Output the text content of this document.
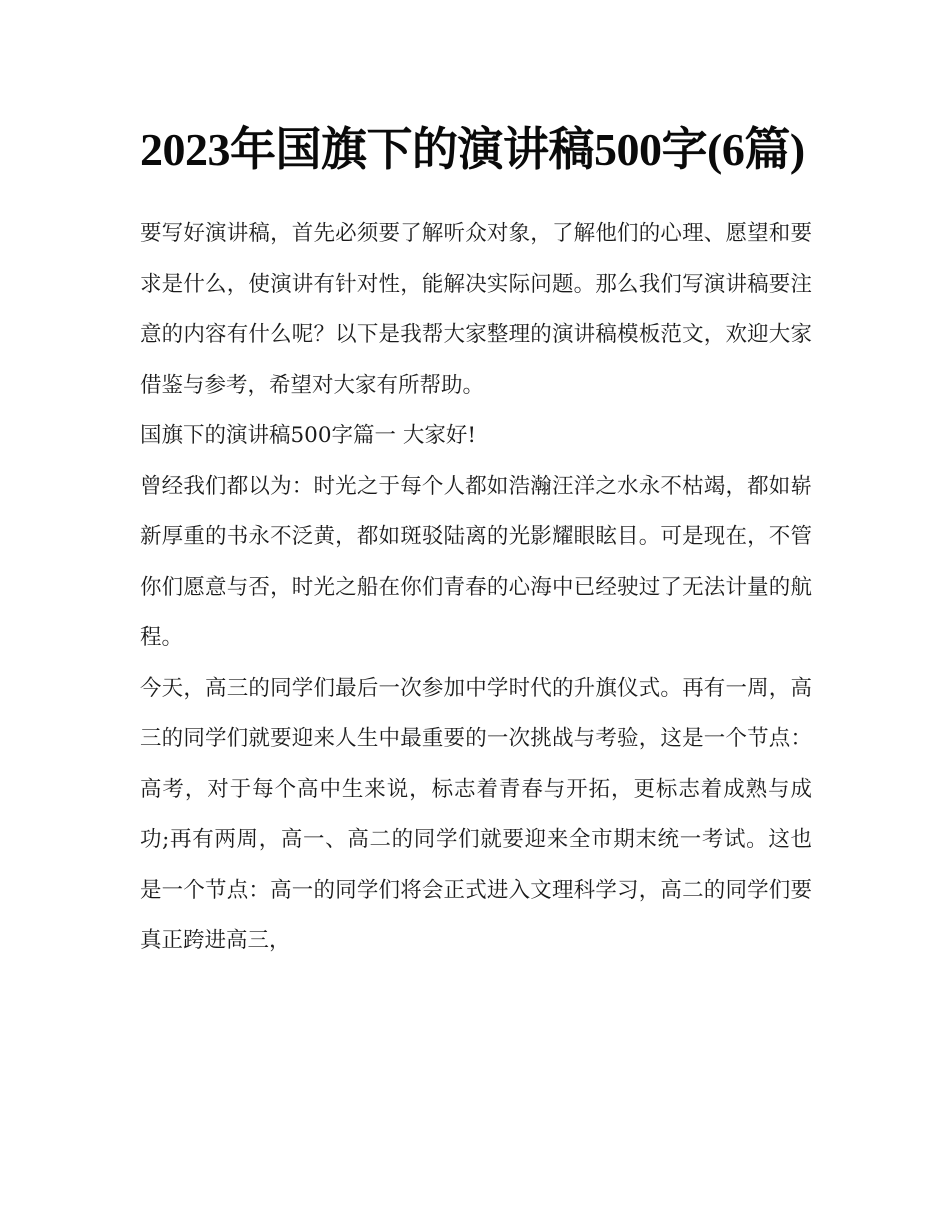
2023年国旗下的演讲稿500字(6篇)

要写好演讲稿，首先必须要了解听众对象，了解他们的心理、愿望和要求是什么，使演讲有针对性，能解决实际问题。那么我们写演讲稿要注意的内容有什么呢？以下是我帮大家整理的演讲稿模板范文，欢迎大家借鉴与参考，希望对大家有所帮助。

国旗下的演讲稿500字篇一 大家好!

曾经我们都以为：时光之于每个人都如浩瀚汪洋之水永不枯竭，都如崭新厚重的书永不泛黄，都如斑驳陆离的光影耀眼眩目。可是现在，不管你们愿意与否，时光之船在你们青春的心海中已经驶过了无法计量的航程。

今天，高三的同学们最后一次参加中学时代的升旗仪式。再有一周，高三的同学们就要迎来人生中最重要的一次挑战与考验，这是一个节点：高考，对于每个高中生来说，标志着青春与开拓，更标志着成熟与成功;再有两周，高一、高二的同学们就要迎来全市期末统一考试。这也是一个节点：高一的同学们将会正式进入文理科学习，高二的同学们要真正跨进高三，
